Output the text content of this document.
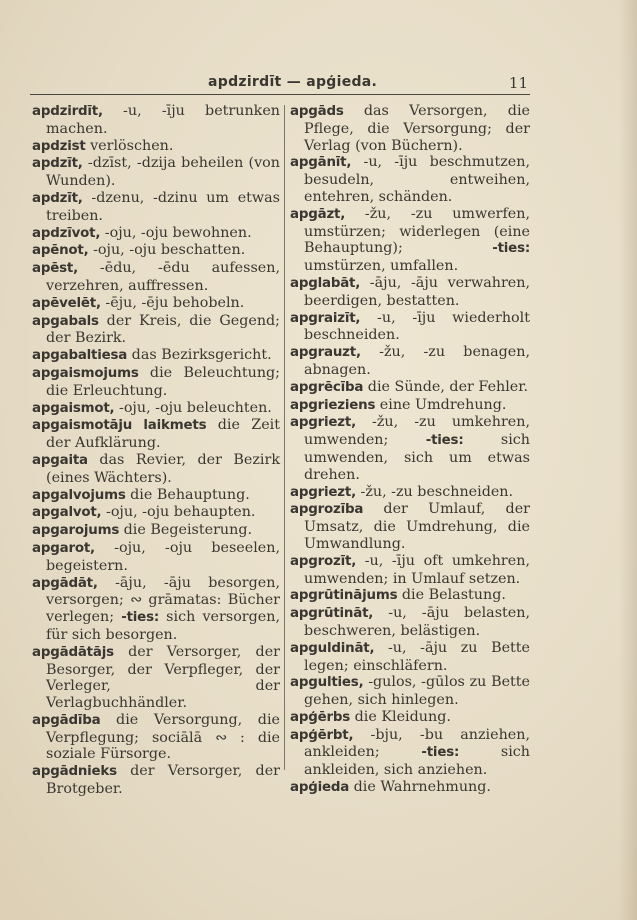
apdzirdīt — apģieda.	11

apdzirdīt, -u, -īju betrunken machen.

apdzist verlöschen.

apdzīt, -dzīst, -dzija beheilen (von Wunden).

apdzīt, -dzenu, -dzinu um etwas treiben.

apdzīvot, -oju, -oju bewohnen.

apēnot, -oju, -oju beschatten.

apēst, -ēdu, -ēdu aufessen, verzehren, auffressen.

apēvelēt, -ēju, -ēju behobeln.

apgabals der Kreis, die Gegend; der Bezirk.

apgabaltiesa das Bezirksgericht.

apgaismojums die Beleuchtung; die Erleuchtung.

apgaismot, -oju, -oju beleuchten.

apgaismotāju laikmets die Zeit der Aufklärung.

apgaita das Revier, der Bezirk (eines Wächters).

apgalvojums die Behauptung.

apgalvot, -oju, -oju behaupten.

apgarojums die Begeisterung.

apgarot, -oju, -oju beseelen, begeistern.

apgādāt, -āju, -āju besorgen, versorgen; ∾ grāmatas: Bücher verlegen; -ties: sich versorgen, für sich besorgen.

apgādātājs der Versorger, der Besorger, der Verpfleger, der Verleger, der Verlagbuchhändler.

apgādība die Versorgung, die Verpflegung; sociālā ∾ : die soziale Fürsorge.

apgādnieks der Versorger, der Brotgeber.

apgāds das Versorgen, die Pflege, die Versorgung; der Verlag (von Büchern).

apgānīt, -u, -īju beschmutzen, besudeln, entweihen, entehren, schänden.

apgāzt, -žu, -zu umwerfen, umstürzen; widerlegen (eine Behauptung); -ties: umstürzen, umfallen.

apglabāt, -āju, -āju verwahren, beerdigen, bestatten.

apgraizīt, -u, -īju wiederholt beschneiden.

apgrauzt, -žu, -zu benagen, abnagen.

apgrēcība die Sünde, der Fehler.

apgrieziens eine Umdrehung.

apgriezt, -žu, -zu umkehren, umwenden; -ties: sich umwenden, sich um etwas drehen.

apgriezt, -žu, -zu beschneiden.

apgrozība der Umlauf, der Umsatz, die Umdrehung, die Umwandlung.

apgrozīt, -u, -īju oft umkehren, umwenden; in Umlauf setzen.

apgrūtinājums die Belastung.

apgrūtināt, -u, -āju belasten, beschweren, belästigen.

apguldināt, -u, -āju zu Bette legen; einschläfern.

apgulties, -gulos, -gūlos zu Bette gehen, sich hinlegen.

apģērbs die Kleidung.

apģērbt, -bju, -bu anziehen, ankleiden; -ties: sich ankleiden, sich anziehen.

apģieda die Wahrnehmung.
